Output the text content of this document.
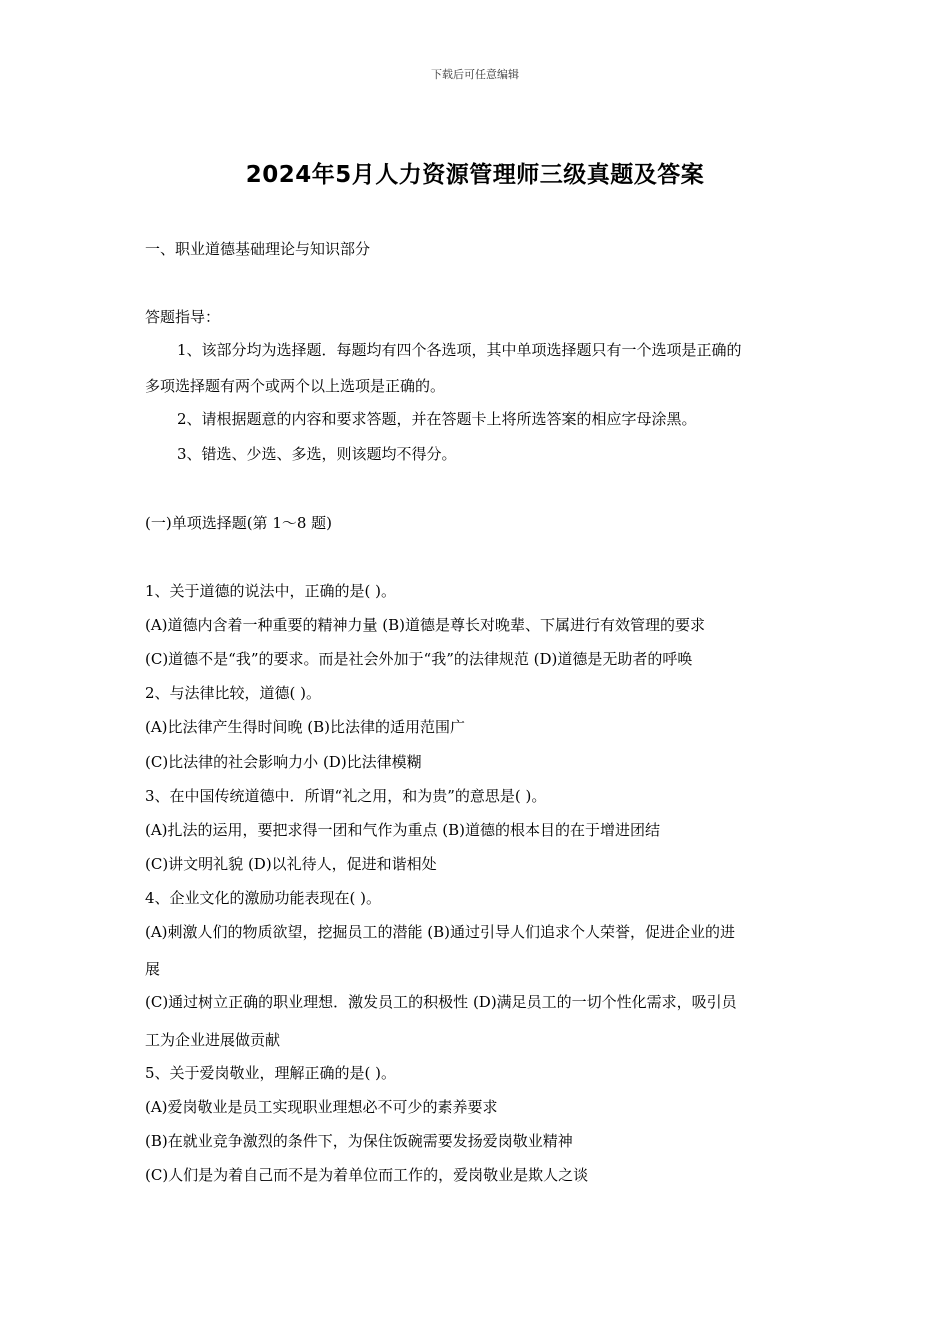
下载后可任意编辑
2024年5月人力资源管理师三级真题及答案
一、职业道德基础理论与知识部分
答题指导：
1、该部分均为选择题．每题均有四个各选项，其中单项选择题只有一个选项是正确的
多项选择题有两个或两个以上选项是正确的。
2、请根据题意的内容和要求答题，并在答题卡上将所选答案的相应字母涂黑。
3、错选、少选、多选，则该题均不得分。
(一)单项选择题(第 1～8 题)
1、关于道德的说法中，正确的是( )。
(A)道德内含着一种重要的精神力量 (B)道德是尊长对晚辈、下属进行有效管理的要求
(C)道德不是“我”的要求。而是社会外加于“我”的法律规范 (D)道德是无助者的呼唤
2、与法律比较，道德( )。
(A)比法律产生得时间晚 (B)比法律的适用范围广
(C)比法律的社会影响力小 (D)比法律模糊
3、在中国传统道德中．所谓“礼之用，和为贵”的意思是( )。
(A)扎法的运用，要把求得一团和气作为重点 (B)道德的根本目的在于增进团结
(C)讲文明礼貌 (D)以礼待人，促进和谐相处
4、企业文化的激励功能表现在( )。
(A)刺激人们的物质欲望，挖掘员工的潜能 (B)通过引导人们追求个人荣誉，促进企业的进
展
(C)通过树立正确的职业理想．激发员工的积极性 (D)满足员工的一切个性化需求，吸引员
工为企业进展做贡献
5、关于爱岗敬业，理解正确的是( )。
(A)爱岗敬业是员工实现职业理想必不可少的素养要求
(B)在就业竞争激烈的条件下，为保住饭碗需要发扬爱岗敬业精神
(C)人们是为着自己而不是为着单位而工作的，爱岗敬业是欺人之谈
